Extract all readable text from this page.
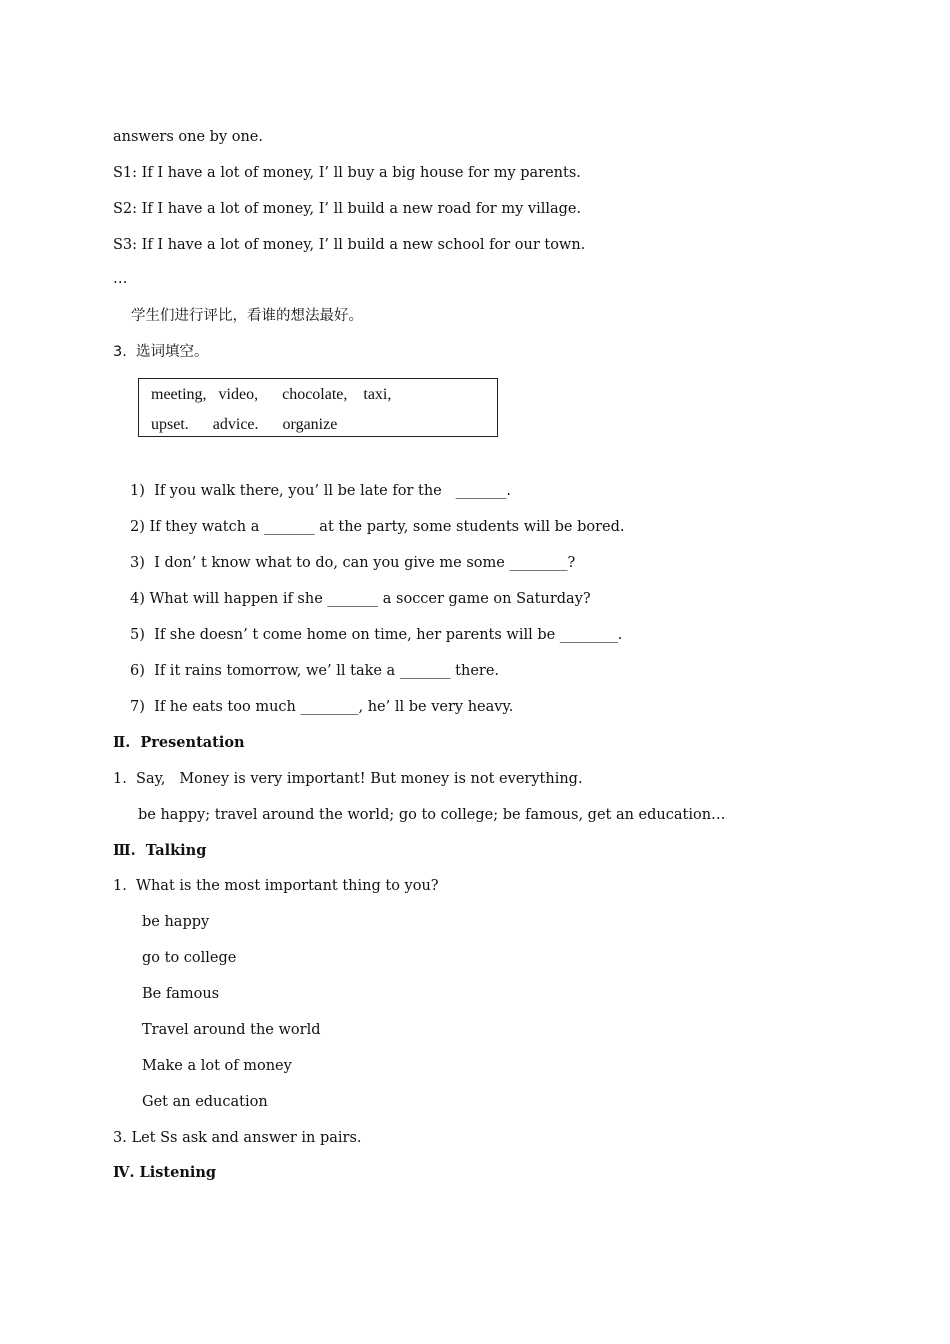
answers one by one.
S1: If I have a lot of money, I’ ll buy a big house for my parents.
S2: If I have a lot of money, I’ ll build a new road for my village.
S3: If I have a lot of money, I’ ll build a new school for our town.
…
学生们进行评比，看谁的想法最好。
3.  选词填空。
meeting,   video,      chocolate,    taxi,
upset.      advice.      organize
1)  If you walk there, you’ ll be late for the   _______.
2) If they watch a _______ at the party, some students will be bored.
3)  I don’ t know what to do, can you give me some ________?
4) What will happen if she _______ a soccer game on Saturday?
5)  If she doesn’ t come home on time, her parents will be ________.
6)  If it rains tomorrow, we’ ll take a _______ there.
7)  If he eats too much ________, he’ ll be very heavy.
Ⅱ.  Presentation
1.  Say,   Money is very important! But money is not everything.
be happy; travel around the world; go to college; be famous, get an education…
Ⅲ.  Talking
1.  What is the most important thing to you?
be happy
go to college
Be famous
Travel around the world
Make a lot of money
Get an education
3. Let Ss ask and answer in pairs.
Ⅳ. Listening
